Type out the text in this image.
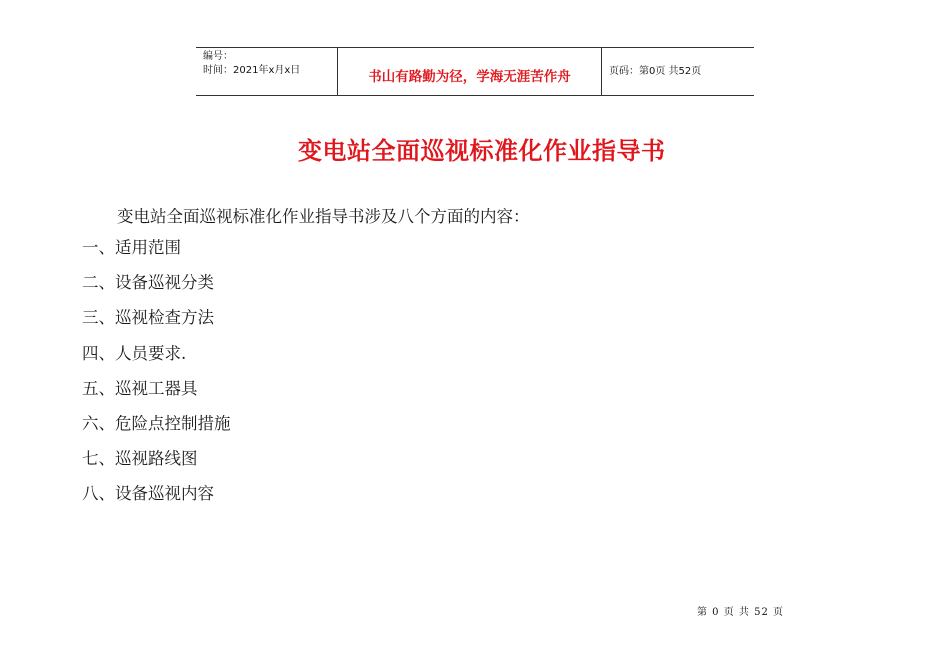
编号：
时间：2021年x月x日	书山有路勤为径，学海无涯苦作舟	页码：第0页 共52页
变电站全面巡视标准化作业指导书
变电站全面巡视标准化作业指导书涉及八个方面的内容：
一、适用范围
二、设备巡视分类
三、巡视检查方法
四、人员要求.
五、巡视工器具
六、危险点控制措施
七、巡视路线图
八、设备巡视内容
第 0 页 共 52 页
